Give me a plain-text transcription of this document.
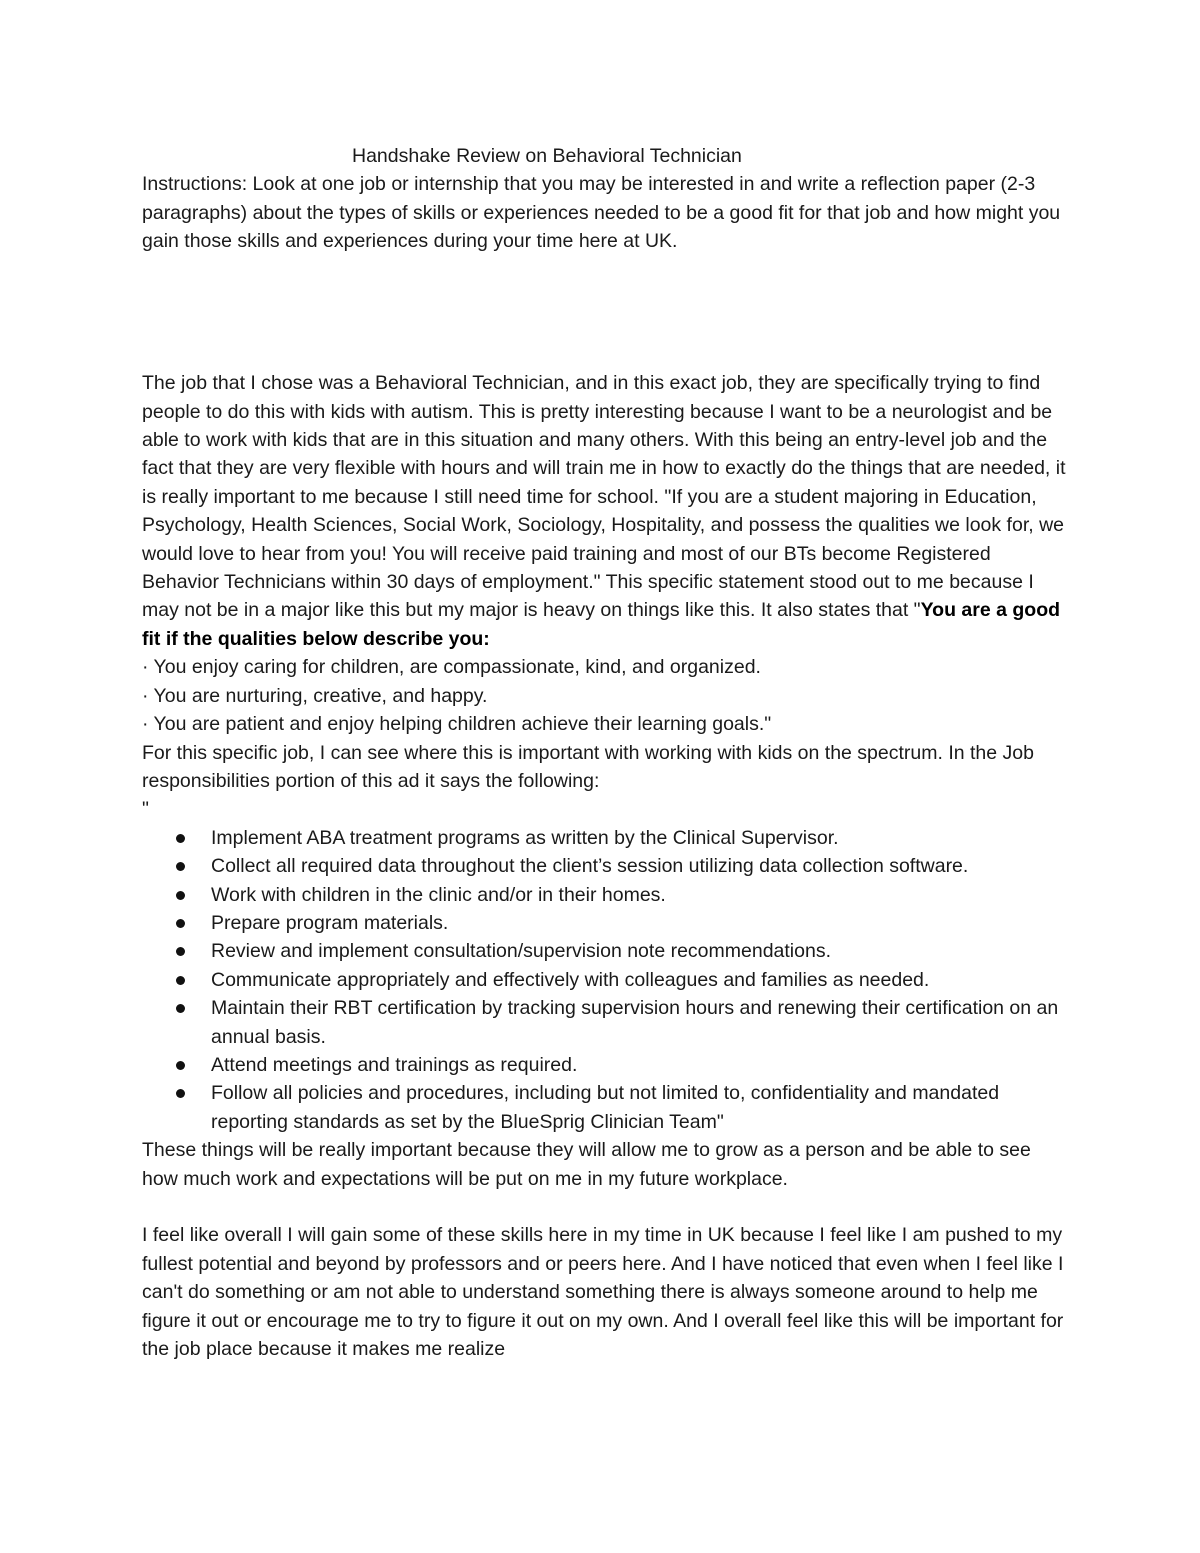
Handshake Review on Behavioral Technician

Instructions: Look at one job or internship that you may be interested in and write a reflection paper (2-3 paragraphs) about the types of skills or experiences needed to be a good fit for that job and how might you gain those skills and experiences during your time here at UK.

The job that I chose was a Behavioral Technician, and in this exact job, they are specifically trying to find people to do this with kids with autism. This is pretty interesting because I want to be a neurologist and be able to work with kids that are in this situation and many others. With this being an entry-level job and the fact that they are very flexible with hours and will train me in how to exactly do the things that are needed, it is really important to me because I still need time for school. "If you are a student majoring in Education, Psychology, Health Sciences, Social Work, Sociology, Hospitality, and possess the qualities we look for, we would love to hear from you! You will receive paid training and most of our BTs become Registered Behavior Technicians within 30 days of employment." This specific statement stood out to me because I may not be in a major like this but my major is heavy on things like this. It also states that "You are a good fit if the qualities below describe you:

· You enjoy caring for children, are compassionate, kind, and organized.

· You are nurturing, creative, and happy.

· You are patient and enjoy helping children achieve their learning goals."

For this specific job, I can see where this is important with working with kids on the spectrum. In the Job responsibilities portion of this ad it says the following:

"

Implement ABA treatment programs as written by the Clinical Supervisor.
Collect all required data throughout the client’s session utilizing data collection software.
Work with children in the clinic and/or in their homes.
Prepare program materials.
Review and implement consultation/supervision note recommendations.
Communicate appropriately and effectively with colleagues and families as needed.
Maintain their RBT certification by tracking supervision hours and renewing their certification on an annual basis.
Attend meetings and trainings as required.
Follow all policies and procedures, including but not limited to, confidentiality and mandated reporting standards as set by the BlueSprig Clinician Team"

These things will be really important because they will allow me to grow as a person and be able to see how much work and expectations will be put on me in my future workplace.

I feel like overall I will gain some of these skills here in my time in UK because I feel like I am pushed to my fullest potential and beyond by professors and or peers here. And I have noticed that even when I feel like I can't do something or am not able to understand something there is always someone around to help me figure it out or encourage me to try to figure it out on my own. And I overall feel like this will be important for the job place because it makes me realize
